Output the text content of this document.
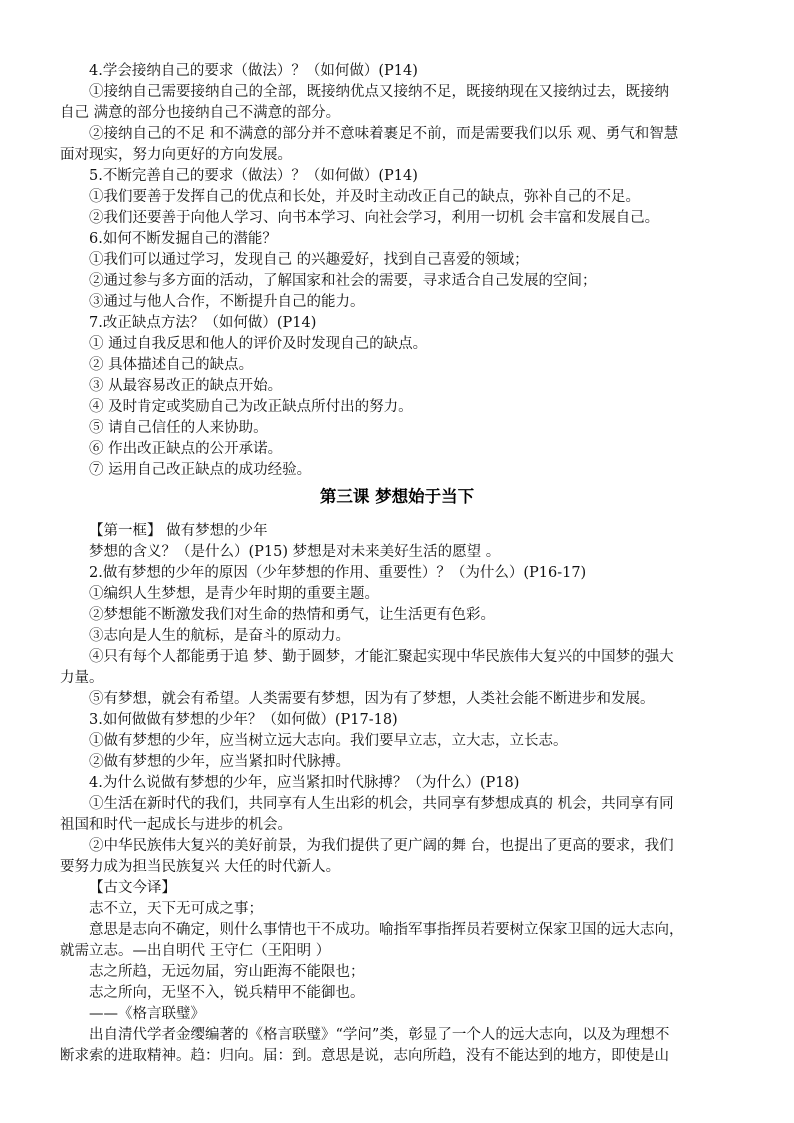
4.学会接纳自己的要求（做法）？（如何做）(P14)
①接纳自己需要接纳自己的全部，既接纳优点又接纳不足，既接纳现在又接纳过去，既接纳
自己 满意的部分也接纳自己不满意的部分。
②接纳自己的不足 和不满意的部分并不意味着裹足不前，而是需要我们以乐 观、勇气和智慧
面对现实，努力向更好的方向发展。
5.不断完善自己的要求（做法）？（如何做）(P14)
①我们要善于发挥自己的优点和长处，并及时主动改正自己的缺点，弥补自己的不足。
②我们还要善于向他人学习、向书本学习、向社会学习，利用一切机 会丰富和发展自己。
6.如何不断发掘自己的潜能？
①我们可以通过学习，发现自己 的兴趣爱好，找到自己喜爱的领域；
②通过参与多方面的活动，了解国家和社会的需要，寻求适合自己发展的空间；
③通过与他人合作，不断提升自己的能力。
7.改正缺点方法？（如何做）(P14)
① 通过自我反思和他人的评价及时发现自己的缺点。
② 具体描述自己的缺点。
③ 从最容易改正的缺点开始。
④ 及时肯定或奖励自己为改正缺点所付出的努力。
⑤ 请自己信任的人来协助。
⑥ 作出改正缺点的公开承诺。
⑦ 运用自己改正缺点的成功经验。
第三课 梦想始于当下
【第一框】 做有梦想的少年
梦想的含义？（是什么）(P15) 梦想是对未来美好生活的愿望 。
2.做有梦想的少年的原因（少年梦想的作用、重要性）？（为什么）(P16-17)
①编织人生梦想，是青少年时期的重要主题。
②梦想能不断激发我们对生命的热情和勇气，让生活更有色彩。
③志向是人生的航标，是奋斗的原动力。
④只有每个人都能勇于追 梦、勤于圆梦，才能汇聚起实现中华民族伟大复兴的中国梦的强大
力量。
⑤有梦想，就会有希望。人类需要有梦想，因为有了梦想，人类社会能不断进步和发展。
3.如何做做有梦想的少年？（如何做）(P17-18)
①做有梦想的少年，应当树立远大志向。我们要早立志，立大志，立长志。
②做有梦想的少年，应当紧扣时代脉搏。
4.为什么说做有梦想的少年，应当紧扣时代脉搏？（为什么）(P18)
①生活在新时代的我们，共同享有人生出彩的机会，共同享有梦想成真的 机会，共同享有同
祖国和时代一起成长与进步的机会。
②中华民族伟大复兴的美好前景，为我们提供了更广阔的舞 台，也提出了更高的要求，我们
要努力成为担当民族复兴 大任的时代新人。
【古文今译】
志不立，天下无可成之事；
意思是志向不确定，则什么事情也干不成功。喻指军事指挥员若要树立保家卫国的远大志向，
就需立志。—出自明代 王守仁（王阳明 ）
志之所趋，无远勿届，穷山距海不能限也；
志之所向，无坚不入，锐兵精甲不能御也。
——《格言联璧》
出自清代学者金缨编著的《格言联璧》“学问”类，彰显了一个人的远大志向，以及为理想不
断求索的进取精神。趋：归向。届：到。意思是说，志向所趋，没有不能达到的地方，即使是山
